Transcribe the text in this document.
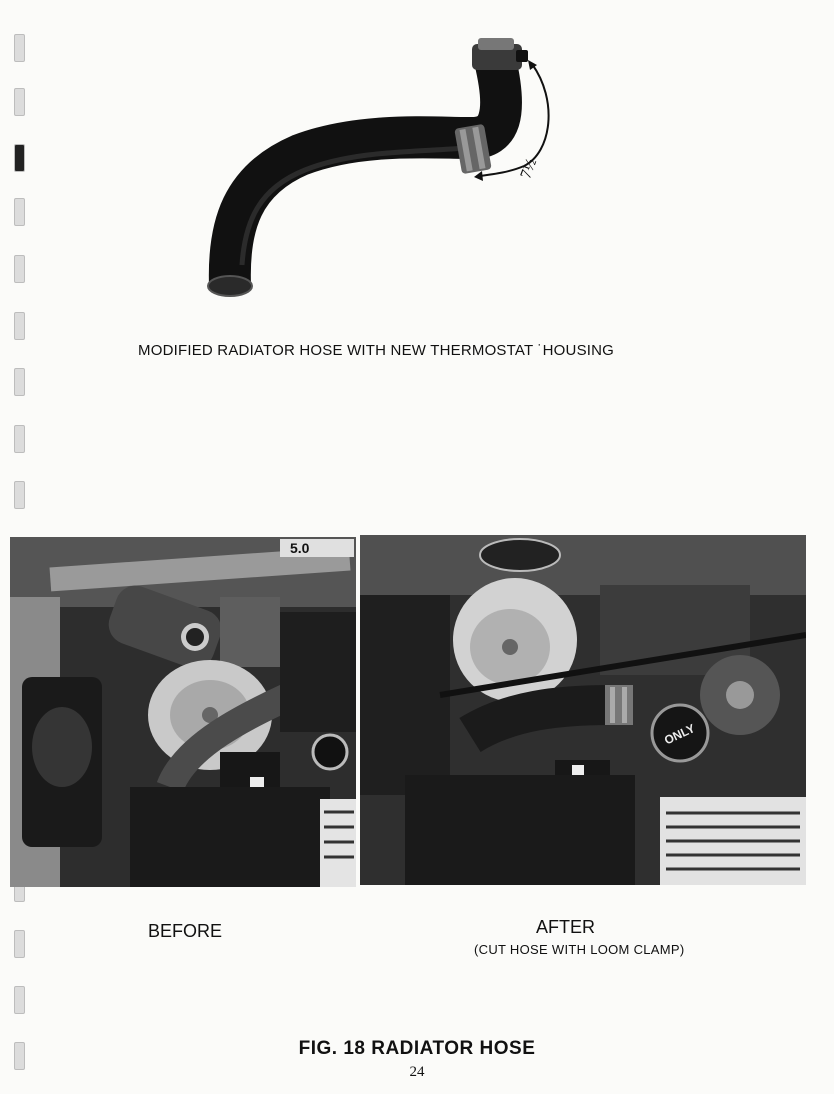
7½
MODIFIED RADIATOR HOSE WITH NEW THERMOSTAT ˙HOUSING
5.0
ONLY
BEFORE	AFTER
(CUT HOSE WITH LOOM CLAMP)
FIG. 18 RADIATOR HOSE
24
